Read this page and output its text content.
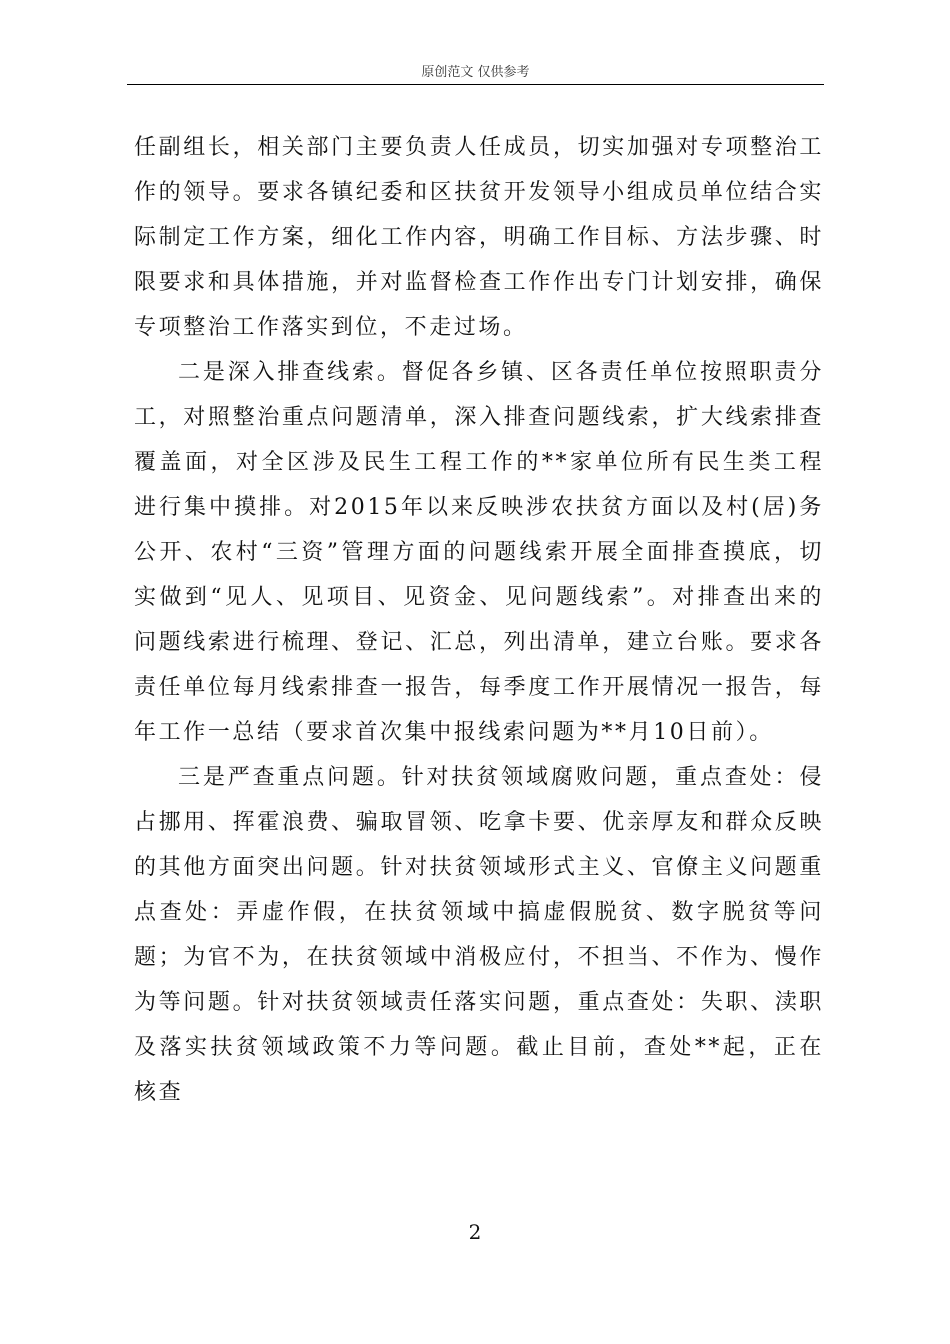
原创范文 仅供参考

任副组长，相关部门主要负责人任成员，切实加强对专项整治工作的领导。要求各镇纪委和区扶贫开发领导小组成员单位结合实际制定工作方案，细化工作内容，明确工作目标、方法步骤、时限要求和具体措施，并对监督检查工作作出专门计划安排，确保专项整治工作落实到位，不走过场。

二是深入排查线索。督促各乡镇、区各责任单位按照职责分工，对照整治重点问题清单，深入排查问题线索，扩大线索排查覆盖面，对全区涉及民生工程工作的**家单位所有民生类工程进行集中摸排。对2015年以来反映涉农扶贫方面以及村(居)务公开、农村“三资”管理方面的问题线索开展全面排查摸底，切实做到“见人、见项目、见资金、见问题线索”。对排查出来的问题线索进行梳理、登记、汇总，列出清单，建立台账。要求各责任单位每月线索排查一报告，每季度工作开展情况一报告，每年工作一总结（要求首次集中报线索问题为**月10日前）。

三是严查重点问题。针对扶贫领域腐败问题，重点查处：侵占挪用、挥霍浪费、骗取冒领、吃拿卡要、优亲厚友和群众反映的其他方面突出问题。针对扶贫领域形式主义、官僚主义问题重点查处：弄虚作假，在扶贫领域中搞虚假脱贫、数字脱贫等问题；为官不为，在扶贫领域中消极应付，不担当、不作为、慢作为等问题。针对扶贫领域责任落实问题，重点查处：失职、渎职及落实扶贫领域政策不力等问题。截止目前，查处**起，正在核查

2
